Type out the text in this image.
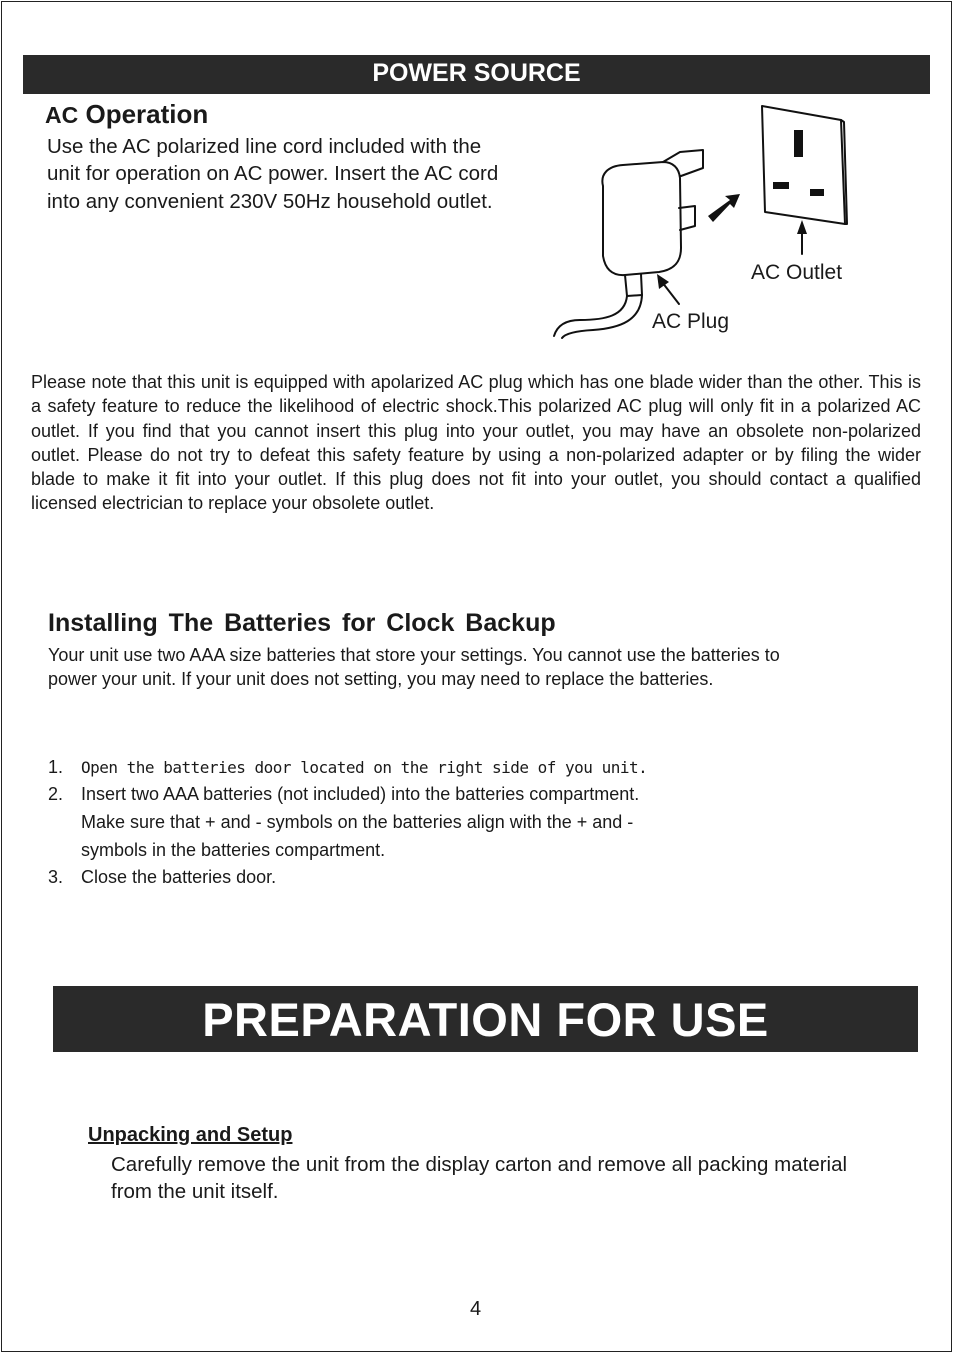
POWER SOURCE
AC Operation
Use the AC polarized line cord included with the unit for operation on AC power. Insert the AC cord into any convenient 230V 50Hz household outlet.
AC Outlet
AC Plug
Please note that this unit is equipped with apolarized AC plug which has one blade wider than the other. This is a safety feature to reduce the likelihood of electric shock.This polarized AC plug will only fit in a polarized AC outlet. If you find that you cannot insert this plug into your outlet, you may have an obsolete non-polarized outlet. Please do not try to defeat this safety feature by using a non-polarized adapter or by filing the wider blade to make it fit into your outlet. If this plug does not fit into your outlet, you should contact a qualified licensed electrician to replace your obsolete outlet.
Installing The Batteries for Clock Backup
Your unit use two AAA size batteries that store your settings. You cannot use the batteries to power your unit. If your unit does not setting, you may need to replace the batteries.
1. Open the batteries door located on the right side of you unit.
2. Insert two AAA batteries (not included) into the batteries compartment.
Make sure that + and - symbols on the batteries align with the + and -
symbols in the batteries compartment.
3. Close the batteries door.
PREPARATION FOR USE
Unpacking and Setup
Carefully remove the unit from the display carton and remove all packing material from the unit itself.
4
